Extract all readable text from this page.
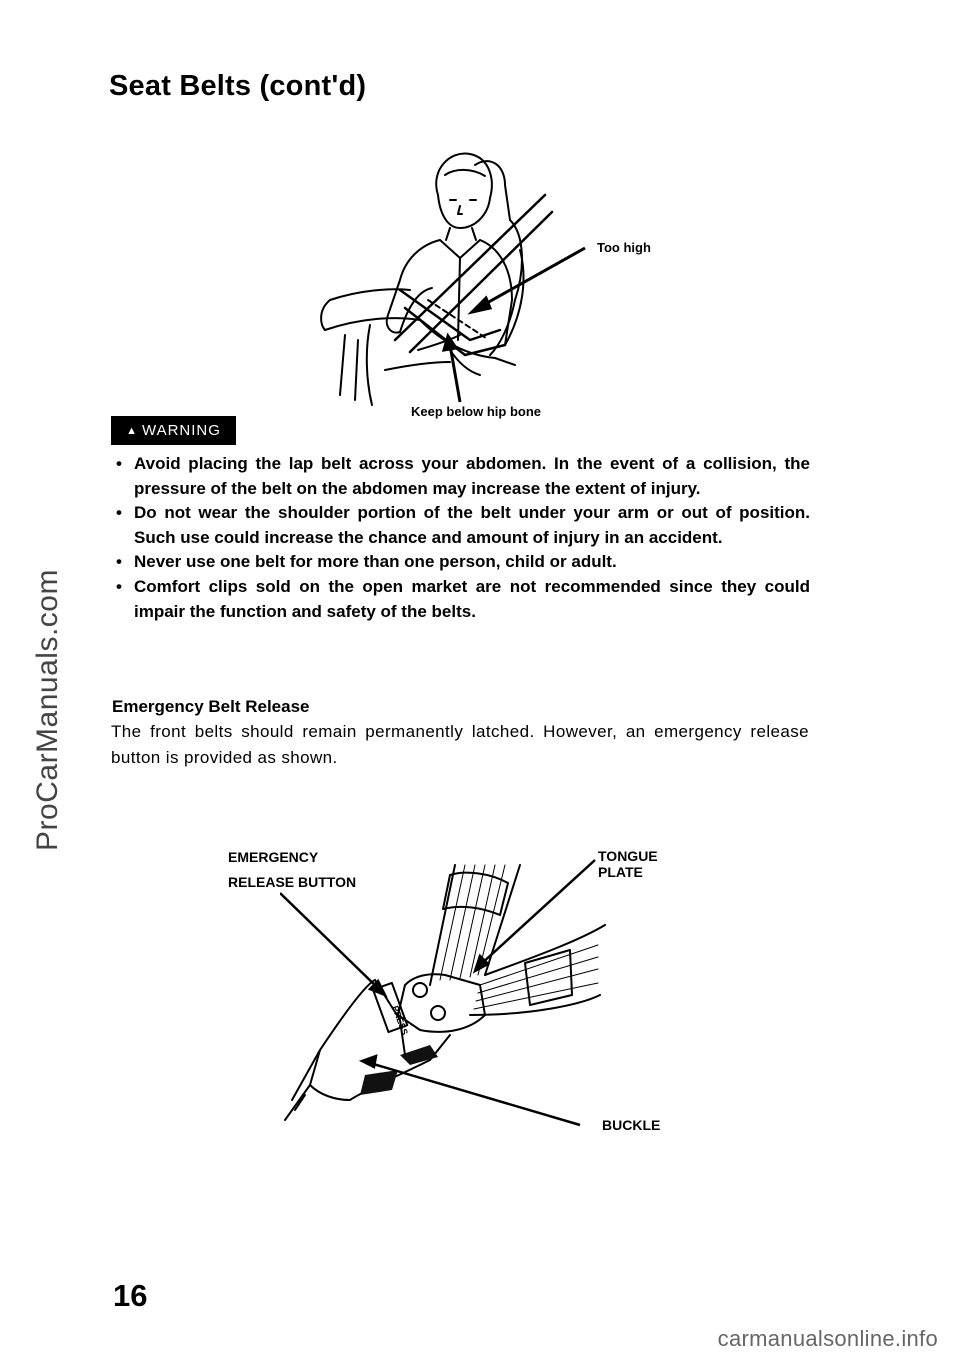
Seat Belts (cont'd)
ProCarManuals.com
Too high
Keep below hip bone
▲ WARNING
• Avoid placing the lap belt across your abdomen. In the event of a collision, the pressure of the belt on the abdomen may increase the extent of injury.
• Do not wear the shoulder portion of the belt under your arm or out of position. Such use could increase the chance and amount of injury in an accident.
• Never use one belt for more than one person, child or adult.
• Comfort clips sold on the open market are not recommended since they could impair the function and safety of the belts.
Emergency Belt Release
The front belts should remain permanently latched. However, an emergency release button is provided as shown.
PRESS
EMERGENCY
RELEASE BUTTON
TONGUE PLATE
BUCKLE
16
carmanualsonline.info
